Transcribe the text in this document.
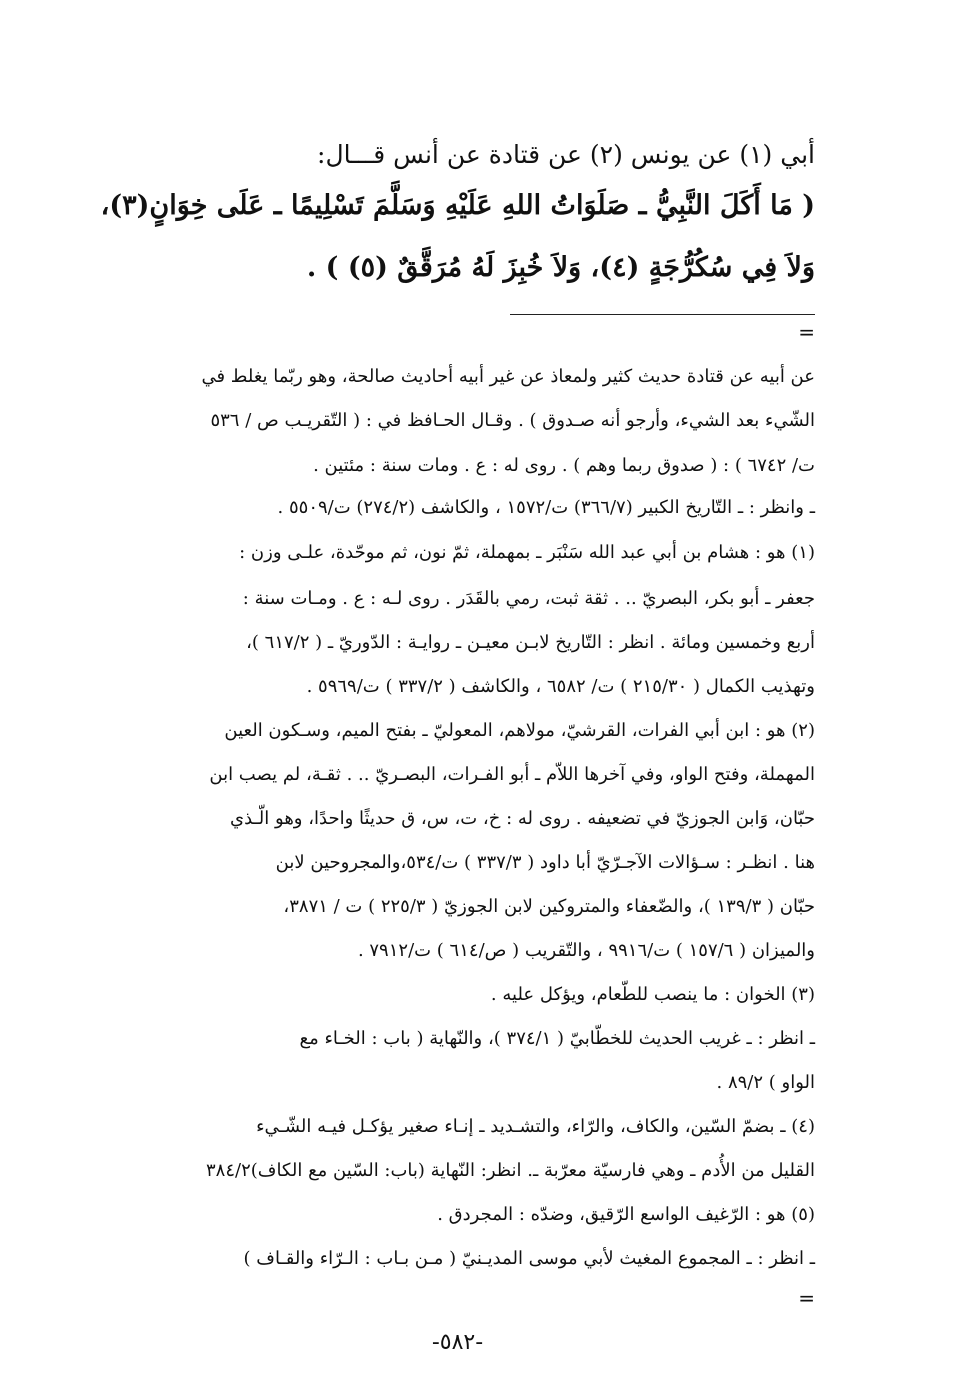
أبي (١) عن يونس (٢) عن قتادة عن أنس قـــال:
( مَا أَكَلَ النَّبِيُّ ـ صَلَوَاتُ اللهِ عَلَيْهِ وَسَلَّمَ تَسْلِيمًا ـ عَلَى خِوَانٍ(٣)،
وَلاَ فِي سُكُرُّجَةٍ (٤)، وَلاَ خُبِزَ لَهُ مُرَقَّقٌ (٥) ) .
=
عن أبيه عن قتادة حديث كثير ولمعاذ عن غير أبيه أحاديث صالحة، وهو ربّما يغلط في
الشّيء بعد الشيء، وأرجو أنه صـدوق ) . وقـال الحـافظ في : ( التّقريـب ص / ٥٣٦
ت/ ٦٧٤٢ ) : ( صدوق ربما وهم ) . روى له : ع . ومات سنة : مئتين .
ـ وانظر : ـ التّاريخ الكبير (٣٦٦/٧) ت/١٥٧٢ ، والكاشف (٢٧٤/٢) ت/٥٥٠٩ .
(١) هو : هشام بن أبي عبد الله سَنْبَر ـ بمهملة، ثمّ نون، ثم موحّدة، علـى وزن :
جعفر ـ أبو بكر، البصريّ .. . ثقة ثبت، رمي بالقَدَر . روى لـه : ع . ومـات سنة :
أربع وخمسين ومائة . انظر : التّاريخ لابـن معيـن ـ روايـة : الدّوريّ ـ ( ٦١٧/٢ )،
وتهذيب الكمال ( ٢١٥/٣٠ ) ت/ ٦٥٨٢ ، والكاشف ( ٣٣٧/٢ ) ت/٥٩٦٩ .
(٢) هو : ابن أبي الفرات، القرشيّ، مولاهم، المعوليّ ـ بفتح الميم، وسـكون العين
المهملة، وفتح الواو، وفي آخرها اللاّم ـ أبو الفـرات، البصـريّ .. . ثقـة، لم يصب ابن
حبّان، وَابن الجوزيّ في تضعيفه . روى له : خ، ت، س، ق حديثًا واحدًا، وهو الّـذي
هنا . انظـر : سـؤالات الآجـرّيّ أبا داود ( ٣٣٧/٣ ) ت/٥٣٤،والمجروحين لابن
حبّان ( ١٣٩/٣ )، والضّعفاء والمتروكين لابن الجوزيّ ( ٢٢٥/٣ ) ت / ٣٨٧١،
والميزان ( ١٥٧/٦ ) ت/٩٩١٦ ، والتّقريب ( ص/٦١٤ ) ت/٧٩١٢ .
(٣) الخوان : ما ينصب للطّعام، ويؤكل عليه .
ـ انظر : ـ غريب الحديث للخطّابيّ ( ٣٧٤/١ )، والنّهاية ( باب : الخـاء مع
الواو ) ٨٩/٢ .
(٤) ـ بضمّ السّين، والكاف، والرّاء، والتشـديد ـ إنـاء صغير يؤكـل فيـه الشّـيء
القليل من الأُدم ـ وهي فارسيّة معرّبة ـ. انظر: النّهاية (باب: السّين مع الكاف)٣٨٤/٢
(٥) هو : الرّغيف الواسع الرّقيق، وضدّه : المجردق .
ـ انظر : ـ المجموع المغيث لأبي موسى المديـنيّ ( مـن بـاب : الـرّاء والقـاف )
=
-٥٨٢-
